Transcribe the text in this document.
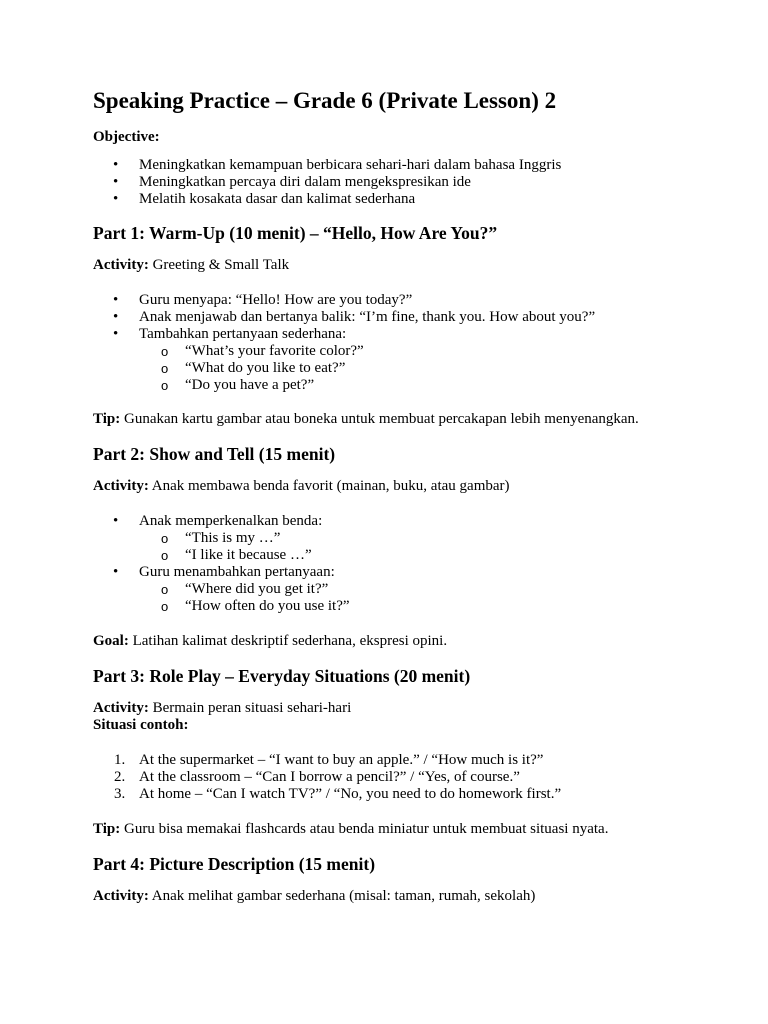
Speaking Practice – Grade 6 (Private Lesson) 2

Objective:

•	Meningkatkan kemampuan berbicara sehari-hari dalam bahasa Inggris
•	Meningkatkan percaya diri dalam mengekspresikan ide
•	Melatih kosakata dasar dan kalimat sederhana
Part 1: Warm-Up (10 menit) – “Hello, How Are You?”

Activity: Greeting & Small Talk

•	Guru menyapa: “Hello! How are you today?”
•	Anak menjawab dan bertanya balik: “I’m fine, thank you. How about you?”
•	Tambahkan pertanyaan sederhana:
o “What’s your favorite color?”
o “What do you like to eat?”
o “Do you have a pet?”

Tip: Gunakan kartu gambar atau boneka untuk membuat percakapan lebih menyenangkan.

Part 2: Show and Tell (15 menit)

Activity: Anak membawa benda favorit (mainan, buku, atau gambar)

•	Anak memperkenalkan benda:
o “This is my …”
o “I like it because …”
•	Guru menambahkan pertanyaan:
o “Where did you get it?”
o “How often do you use it?”

Goal: Latihan kalimat deskriptif sederhana, ekspresi opini.

Part 3: Role Play – Everyday Situations (20 menit)

Activity: Bermain peran situasi sehari-hari

Situasi contoh:

1. At the supermarket – “I want to buy an apple.” / “How much is it?”
2. At the classroom – “Can I borrow a pencil?” / “Yes, of course.”
3. At home – “Can I watch TV?” / “No, you need to do homework first.”

Tip: Guru bisa memakai flashcards atau benda miniatur untuk membuat situasi nyata.

Part 4: Picture Description (15 menit)

Activity: Anak melihat gambar sederhana (misal: taman, rumah, sekolah)
